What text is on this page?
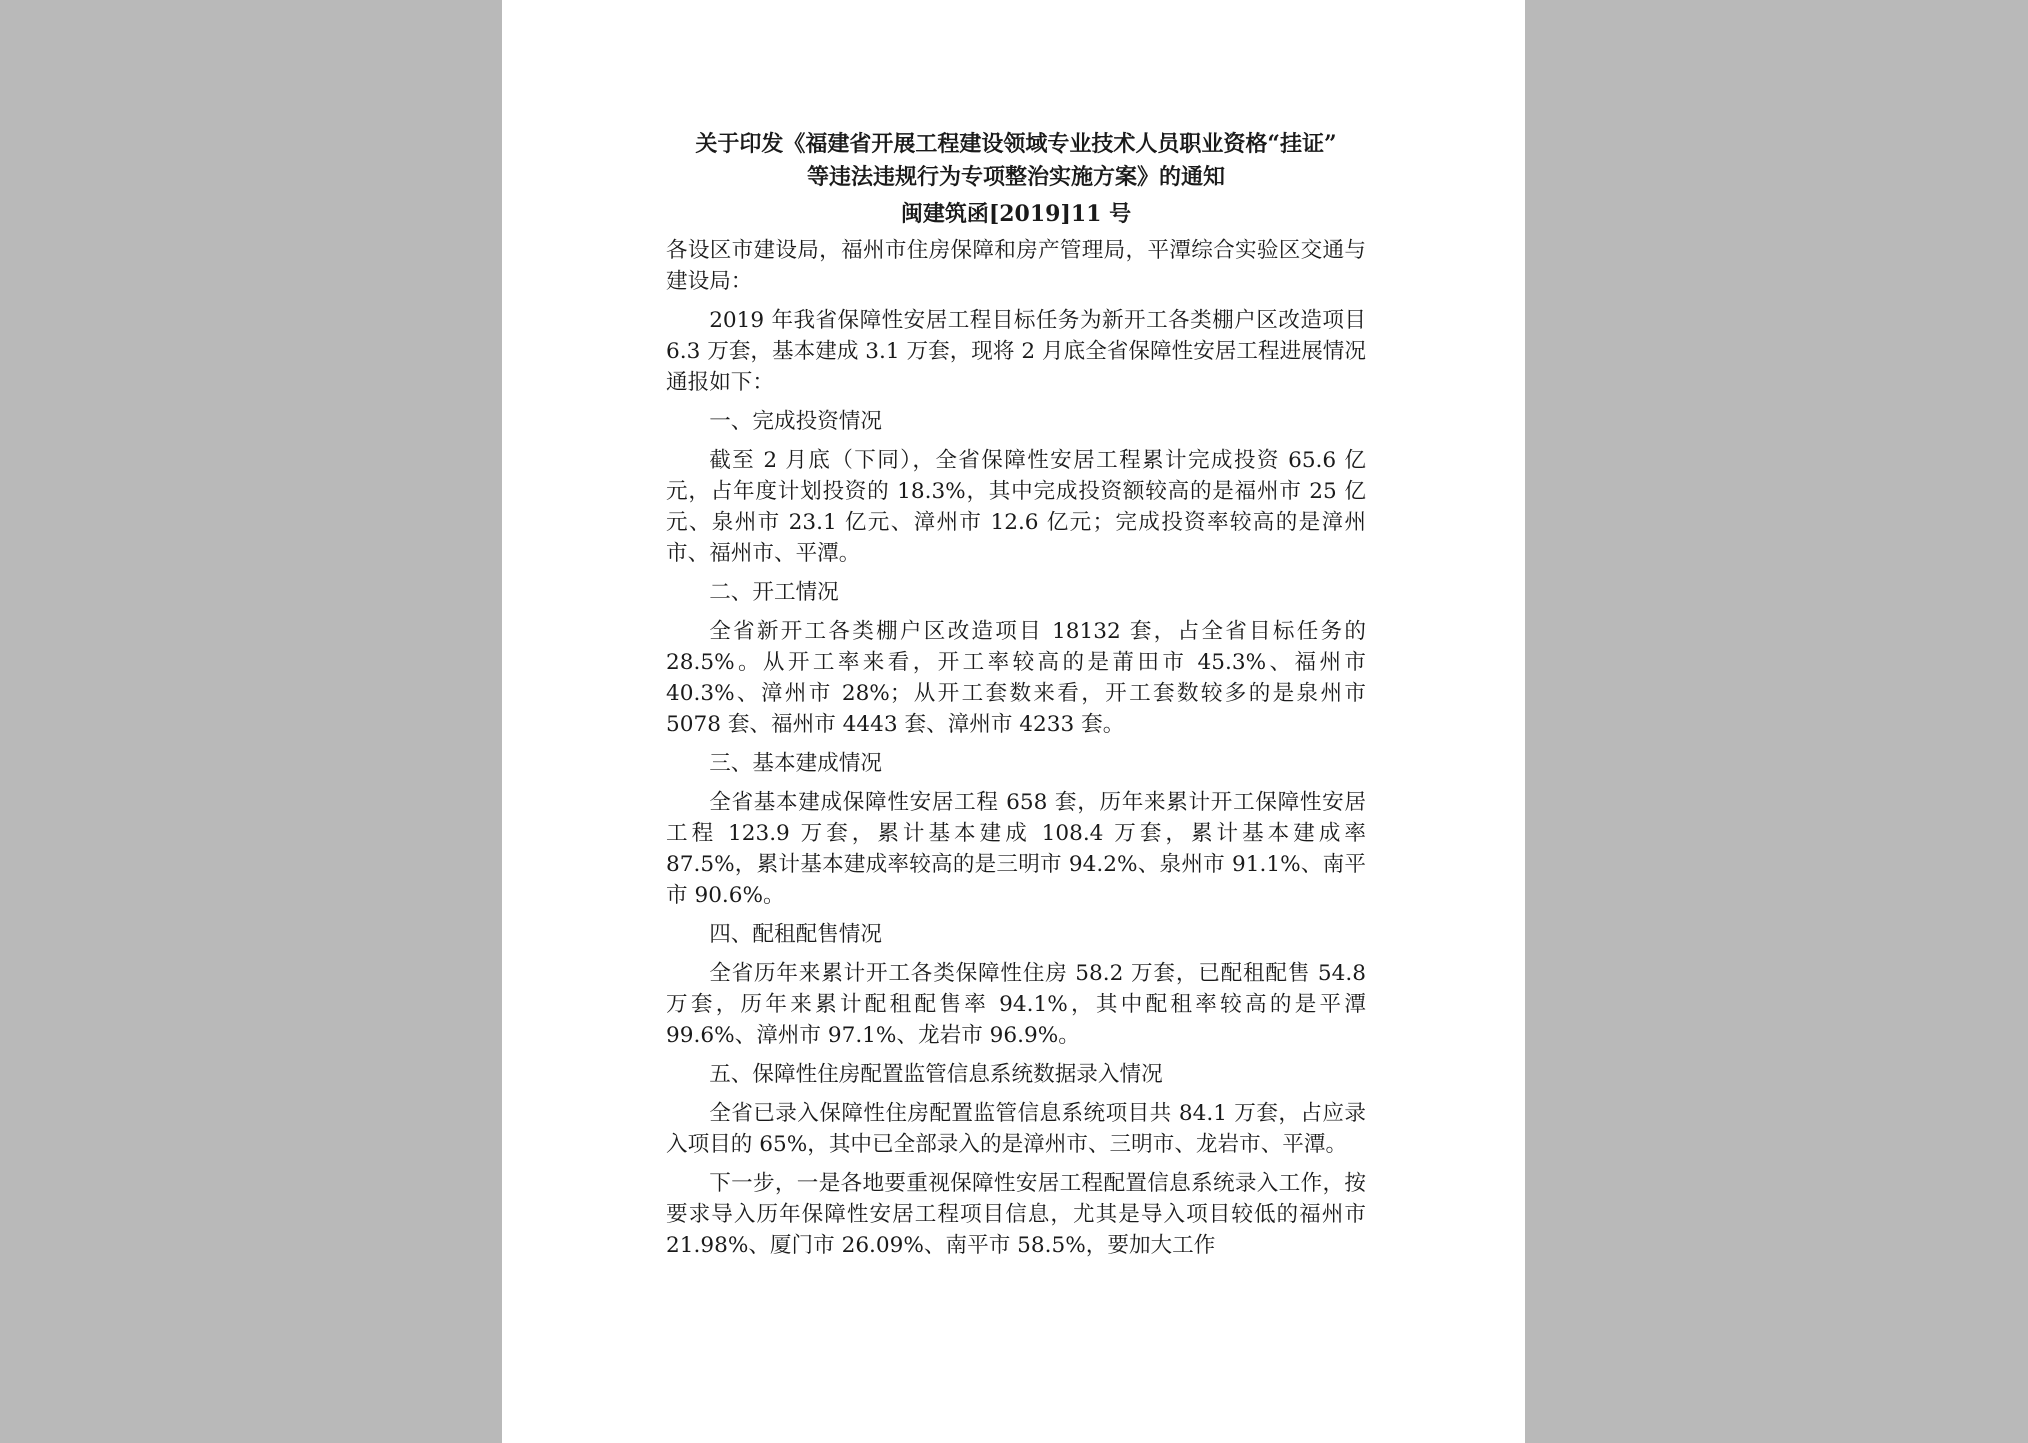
关于印发《福建省开展工程建设领域专业技术人员职业资格“挂证”
等违法违规行为专项整治实施方案》的通知

闽建筑函[2019]11 号

各设区市建设局，福州市住房保障和房产管理局，平潭综合实验区交通与建设局：

2019 年我省保障性安居工程目标任务为新开工各类棚户区改造项目 6.3 万套，基本建成 3.1 万套，现将 2 月底全省保障性安居工程进展情况通报如下：

一、完成投资情况

截至 2 月底（下同），全省保障性安居工程累计完成投资 65.6 亿元，占年度计划投资的 18.3%，其中完成投资额较高的是福州市 25 亿元、泉州市 23.1 亿元、漳州市 12.6 亿元；完成投资率较高的是漳州市、福州市、平潭。

二、开工情况

全省新开工各类棚户区改造项目 18132 套，占全省目标任务的 28.5%。从开工率来看，开工率较高的是莆田市 45.3%、福州市 40.3%、漳州市 28%；从开工套数来看，开工套数较多的是泉州市 5078 套、福州市 4443 套、漳州市 4233 套。

三、基本建成情况

全省基本建成保障性安居工程 658 套，历年来累计开工保障性安居工程 123.9 万套，累计基本建成 108.4 万套，累计基本建成率 87.5%，累计基本建成率较高的是三明市 94.2%、泉州市 91.1%、南平市 90.6%。

四、配租配售情况

全省历年来累计开工各类保障性住房 58.2 万套，已配租配售 54.8 万套，历年来累计配租配售率 94.1%，其中配租率较高的是平潭 99.6%、漳州市 97.1%、龙岩市 96.9%。

五、保障性住房配置监管信息系统数据录入情况

全省已录入保障性住房配置监管信息系统项目共 84.1 万套，占应录入项目的 65%，其中已全部录入的是漳州市、三明市、龙岩市、平潭。

下一步，一是各地要重视保障性安居工程配置信息系统录入工作，按要求导入历年保障性安居工程项目信息，尤其是导入项目较低的福州市 21.98%、厦门市 26.09%、南平市 58.5%，要加大工作
